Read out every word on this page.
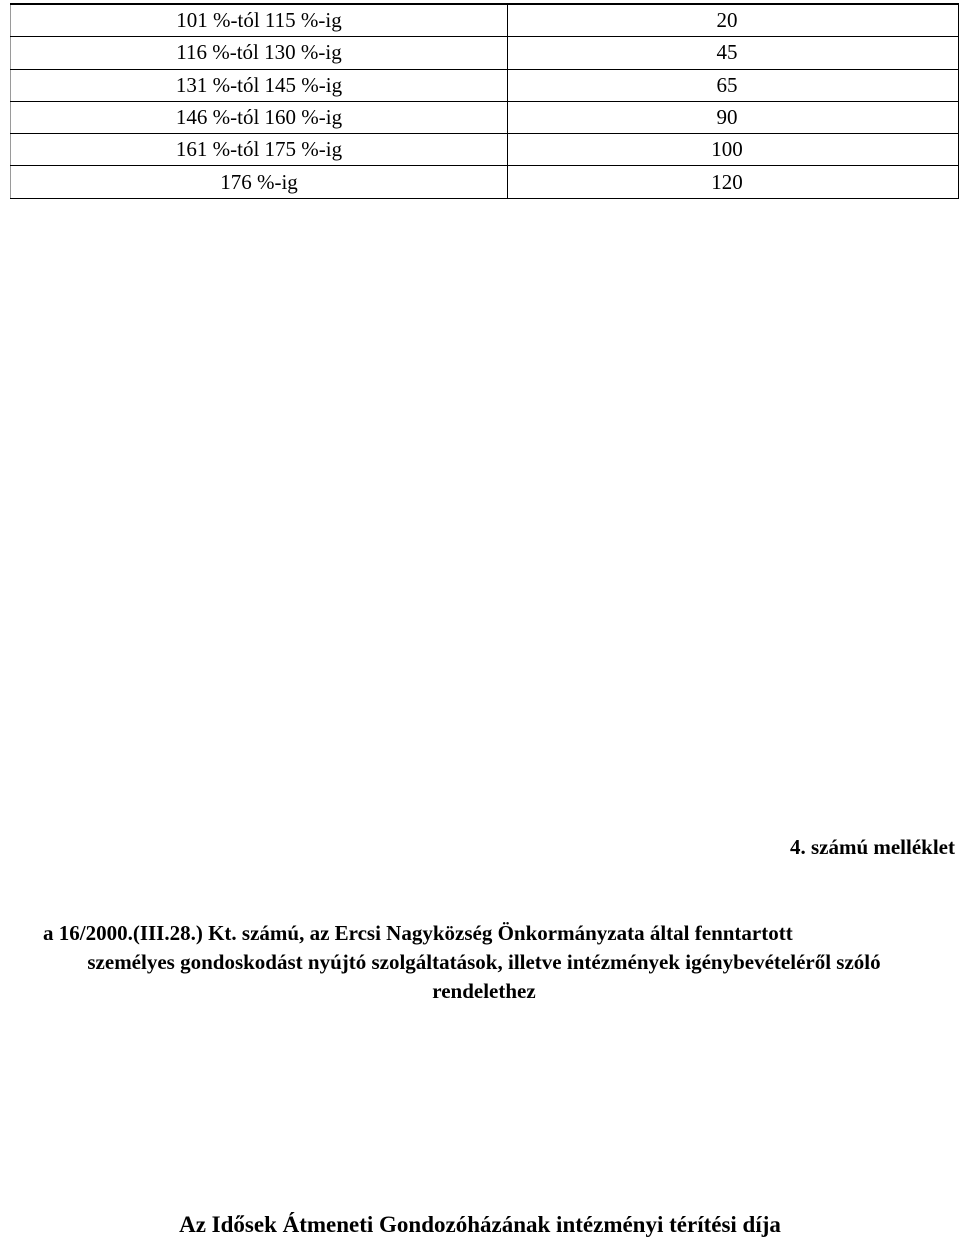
101 %-tól 115 %-ig	20

116 %-tól 130 %-ig	45

131 %-tól 145 %-ig	65

146 %-tól 160 %-ig	90

161 %-tól 175 %-ig	100

176 %-ig	120
4. számú melléklet

a 16/2000.(III.28.) Kt. számú, az Ercsi Nagyközség Önkormányzata által fenntartott
személyes gondoskodást nyújtó szolgáltatások, illetve intézmények igénybevételéről szóló
rendelethez

Az Idősek Átmeneti Gondozóházának intézményi térítési díja
